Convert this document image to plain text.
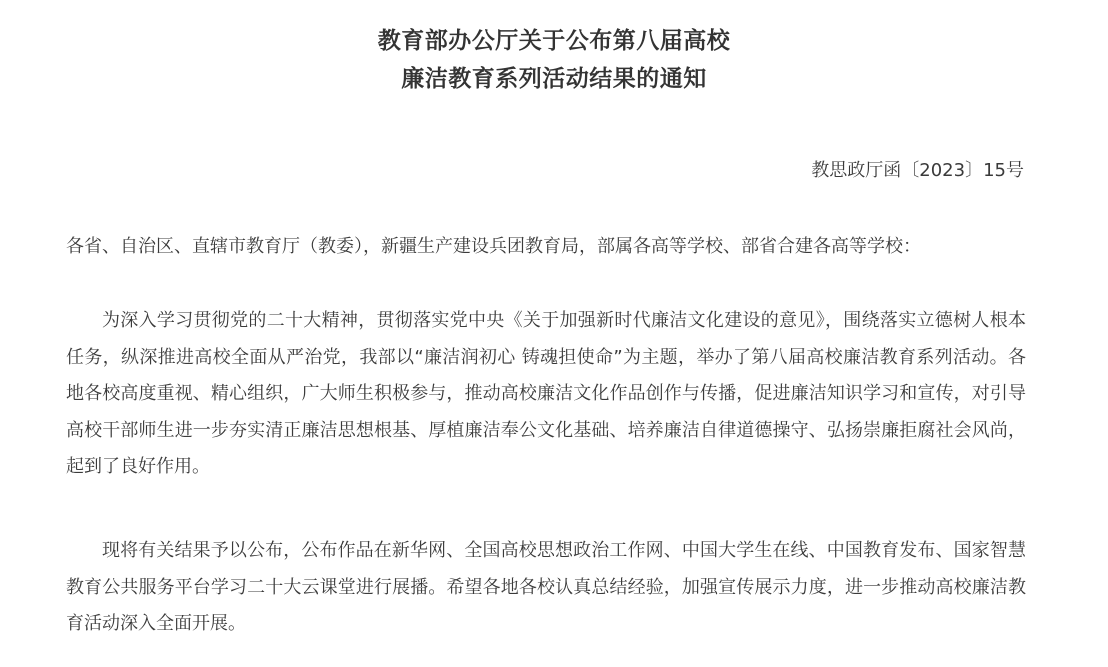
教育部办公厅关于公布第八届高校
廉洁教育系列活动结果的通知
教思政厅函〔2023〕15号
各省、自治区、直辖市教育厅（教委），新疆生产建设兵团教育局，部属各高等学校、部省合建各高等学校：
为深入学习贯彻党的二十大精神，贯彻落实党中央《关于加强新时代廉洁文化建设的意见》，围绕落实立德树人根本任务，纵深推进高校全面从严治党，我部以“廉洁润初心 铸魂担使命”为主题，举办了第八届高校廉洁教育系列活动。各地各校高度重视、精心组织，广大师生积极参与，推动高校廉洁文化作品创作与传播，促进廉洁知识学习和宣传，对引导高校干部师生进一步夯实清正廉洁思想根基、厚植廉洁奉公文化基础、培养廉洁自律道德操守、弘扬崇廉拒腐社会风尚，起到了良好作用。
现将有关结果予以公布，公布作品在新华网、全国高校思想政治工作网、中国大学生在线、中国教育发布、国家智慧教育公共服务平台学习二十大云课堂进行展播。希望各地各校认真总结经验，加强宣传展示力度，进一步推动高校廉洁教育活动深入全面开展。
